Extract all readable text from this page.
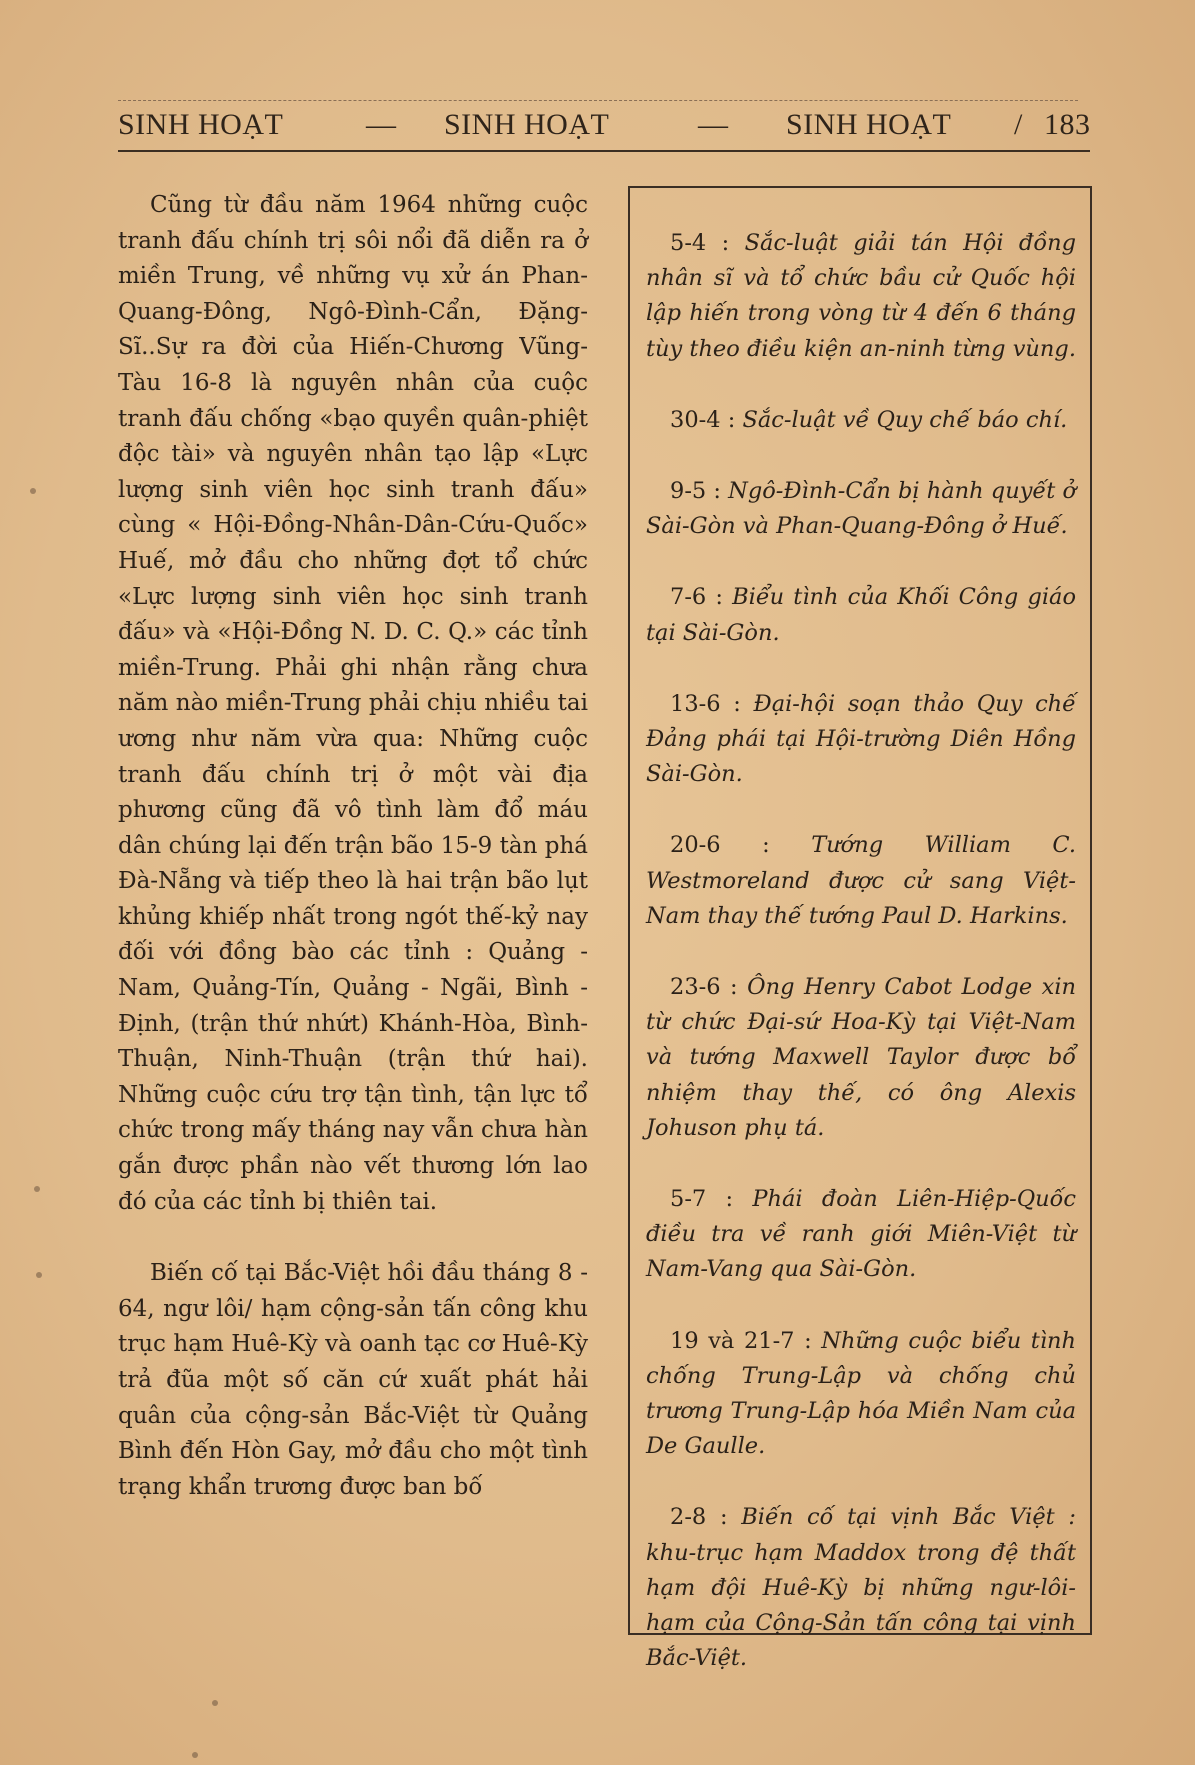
SINH HOẠT	— SINH HOẠT	— SINH HOẠT / 183

Cũng từ đầu năm 1964 những cuộc tranh đấu chính trị sôi nổi đã diễn ra ở miền Trung, về những vụ xử án Phan-Quang-Đông, Ngô-Đình-Cẩn, Đặng-Sĩ..Sự ra đời của Hiến-Chương Vũng-Tàu 16-8 là nguyên nhân của cuộc tranh đấu chống «bạo quyền quân-phiệt độc tài» và nguyên nhân tạo lập «Lực lượng sinh viên học sinh tranh đấu» cùng « Hội-Đồng-Nhân-Dân-Cứu-Quốc» Huế, mở đầu cho những đợt tổ chức «Lực lượng sinh viên học sinh tranh đấu» và «Hội-Đồng N. D. C. Q.» các tỉnh miền-Trung. Phải ghi nhận rằng chưa năm nào miền-Trung phải chịu nhiều tai ương như năm vừa qua: Những cuộc tranh đấu chính trị ở một vài địa phương cũng đã vô tình làm đổ máu dân chúng lại đến trận bão 15-9 tàn phá Đà-Nẵng và tiếp theo là hai trận bão lụt khủng khiếp nhất trong ngót thế-kỷ nay đối với đồng bào các tỉnh : Quảng - Nam, Quảng-Tín, Quảng - Ngãi, Bình - Định, (trận thứ nhứt) Khánh-Hòa, Bình-Thuận, Ninh-Thuận (trận thứ hai). Những cuộc cứu trợ tận tình, tận lực tổ chức trong mấy tháng nay vẫn chưa hàn gắn được phần nào vết thương lớn lao đó của các tỉnh bị thiên tai.

Biến cố tại Bắc-Việt hồi đầu tháng 8 - 64, ngư lôi/ hạm cộng-sản tấn công khu trục hạm Huê-Kỳ và oanh tạc cơ Huê-Kỳ trả đũa một số căn cứ xuất phát hải quân của cộng-sản Bắc-Việt từ Quảng Bình đến Hòn Gay, mở đầu cho một tình trạng khẩn trương được ban bố

5-4 : Sắc-luật giải tán Hội đồng nhân sĩ và tổ chức bầu cử Quốc hội lập hiến trong vòng từ 4 đến 6 tháng tùy theo điều kiện an-ninh từng vùng.

30-4 : Sắc-luật về Quy chế báo chí.

9-5 : Ngô-Đình-Cẩn bị hành quyết ở Sài-Gòn và Phan-Quang-Đông ở Huế.

7-6 : Biểu tình của Khối Công giáo tại Sài-Gòn.

13-6 : Đại-hội soạn thảo Quy chế Đảng phái tại Hội-trường Diên Hồng Sài-Gòn.

20-6 : Tướng William C. Westmoreland được cử sang Việt-Nam thay thế tướng Paul D. Harkins.

23-6 : Ông Henry Cabot Lodge xin từ chức Đại-sứ Hoa-Kỳ tại Việt-Nam và tướng Maxwell Taylor được bổ nhiệm thay thế, có ông Alexis Johuson phụ tá.

5-7 : Phái đoàn Liên-Hiệp-Quốc điều tra về ranh giới Miên-Việt từ Nam-Vang qua Sài-Gòn.

19 và 21-7 : Những cuộc biểu tình chống Trung-Lập và chống chủ trương Trung-Lập hóa Miền Nam của De Gaulle.

2-8 : Biến cố tại vịnh Bắc Việt : khu-trục hạm Maddox trong đệ thất hạm đội Huê-Kỳ bị những ngư-lôi-hạm của Cộng-Sản tấn công tại vịnh Bắc-Việt.
